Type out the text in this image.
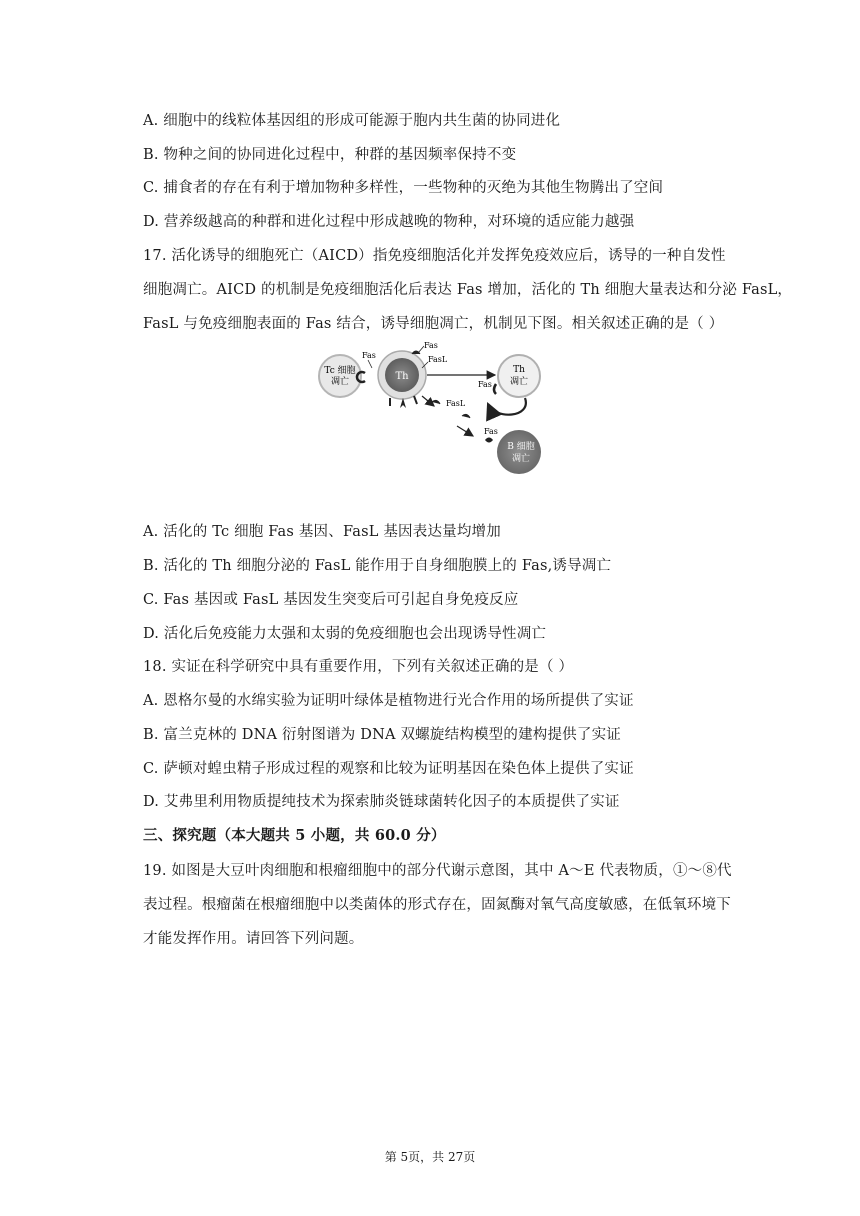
A. 细胞中的线粒体基因组的形成可能源于胞内共生菌的协同进化
B. 物种之间的协同进化过程中，种群的基因频率保持不变
C. 捕食者的存在有利于增加物种多样性，一些物种的灭绝为其他生物腾出了空间
D. 营养级越高的种群和进化过程中形成越晚的物种，对环境的适应能力越强
17. 活化诱导的细胞死亡（AICD）指免疫细胞活化并发挥免疫效应后，诱导的一种自发性
细胞凋亡。AICD 的机制是免疫细胞活化后表达 Fas 增加，活化的 Th 细胞大量表达和分泌 FasL，
FasL 与免疫细胞表面的 Fas 结合，诱导细胞凋亡，机制见下图。相关叙述正确的是（ ）
Tc 细胞
凋亡
Fas
Th
Fas
Th
凋亡
Fas
FasL
FasL
B 细胞
凋亡
Fas
A. 活化的 Tc 细胞 Fas 基因、FasL 基因表达量均增加
B. 活化的 Th 细胞分泌的 FasL 能作用于自身细胞膜上的 Fas,诱导凋亡
C. Fas 基因或 FasL 基因发生突变后可引起自身免疫反应
D. 活化后免疫能力太强和太弱的免疫细胞也会出现诱导性凋亡
18. 实证在科学研究中具有重要作用，下列有关叙述正确的是（ ）
A. 恩格尔曼的水绵实验为证明叶绿体是植物进行光合作用的场所提供了实证
B. 富兰克林的 DNA 衍射图谱为 DNA 双螺旋结构模型的建构提供了实证
C. 萨顿对蝗虫精子形成过程的观察和比较为证明基因在染色体上提供了实证
D. 艾弗里利用物质提纯技术为探索肺炎链球菌转化因子的本质提供了实证
三、探究题（本大题共 5 小题，共 60.0 分）
19. 如图是大豆叶肉细胞和根瘤细胞中的部分代谢示意图，其中 A～E 代表物质，①～⑧代
表过程。根瘤菌在根瘤细胞中以类菌体的形式存在，固氮酶对氧气高度敏感，在低氧环境下
才能发挥作用。请回答下列问题。
第 5页，共 27页
